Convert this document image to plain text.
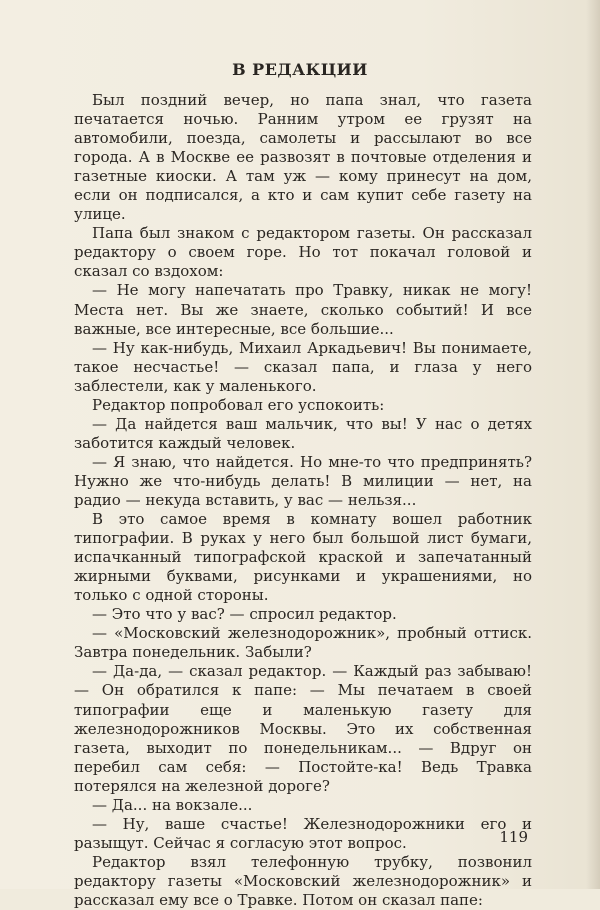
В РЕДАКЦИИ

Был поздний вечер, но папа знал, что газета печатается ночью. Ранним утром ее грузят на автомобили, поезда, самолеты и рассылают во все города. А в Москве ее развозят в почтовые отделения и газетные киоски. А там уж — кому принесут на дом, если он подписался, а кто и сам купит себе газету на улице.

Папа был знаком с редактором газеты. Он рассказал редактору о своем горе. Но тот покачал головой и сказал со вздохом:

— Не могу напечатать про Травку, никак не могу! Места нет. Вы же знаете, сколько событий! И все важные, все интересные, все большие...

— Ну как-нибудь, Михаил Аркадьевич! Вы понимаете, такое несчастье! — сказал папа, и глаза у него заблестели, как у маленького.

Редактор попробовал его успокоить:

— Да найдется ваш мальчик, что вы! У нас о детях заботится каждый человек.

— Я знаю, что найдется. Но мне-то что предпринять? Нужно же что-нибудь делать! В милиции — нет, на радио — некуда вставить, у вас — нельзя...

В это самое время в комнату вошел работник типографии. В руках у него был большой лист бумаги, испачканный типографской краской и запечатанный жирными буквами, рисунками и украшениями, но только с одной стороны.

— Это что у вас? — спросил редактор.

— «Московский железнодорожник», пробный оттиск. Завтра понедельник. Забыли?

— Да-да, — сказал редактор. — Каждый раз забываю! — Он обратился к папе: — Мы печатаем в своей типографии еще и маленькую газету для железнодорожников Москвы. Это их собственная газета, выходит по понедельникам... — Вдруг он перебил сам себя: — Постойте-ка! Ведь Травка потерялся на железной дороге?

— Да... на вокзале...

— Ну, ваше счастье! Железнодорожники его и разыщут. Сейчас я согласую этот вопрос.

Редактор взял телефонную трубку, позвонил редактору газеты «Московский железнодорожник» и рассказал ему все о Травке. Потом он сказал папе:

119
